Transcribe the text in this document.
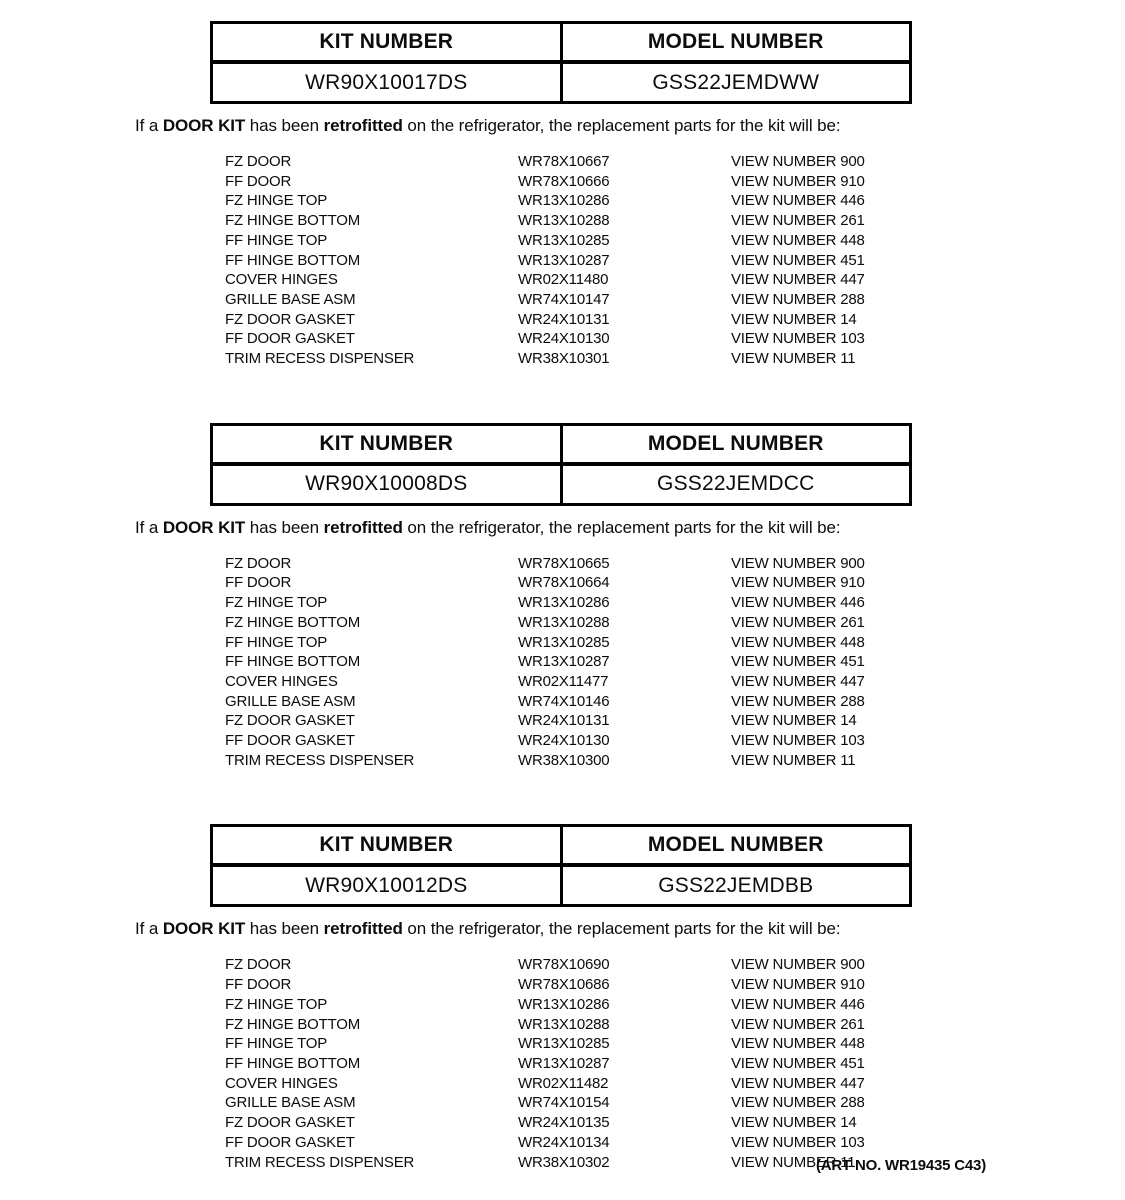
KIT NUMBER	MODEL NUMBER
WR90X10017DS	GSS22JEMDWW

If a DOOR KIT has been retrofitted on the refrigerator, the replacement parts for the kit will be:

FZ DOOR	WR78X10667	VIEW NUMBER 900
FF DOOR	WR78X10666	VIEW NUMBER 910
FZ HINGE TOP	WR13X10286	VIEW NUMBER 446
FZ HINGE BOTTOM	WR13X10288	VIEW NUMBER 261
FF HINGE TOP	WR13X10285	VIEW NUMBER 448
FF HINGE BOTTOM	WR13X10287	VIEW NUMBER 451
COVER HINGES	WR02X11480	VIEW NUMBER 447
GRILLE BASE ASM	WR74X10147	VIEW NUMBER 288
FZ DOOR GASKET	WR24X10131	VIEW NUMBER 14
FF DOOR GASKET	WR24X10130	VIEW NUMBER 103
TRIM RECESS DISPENSER	WR38X10301	VIEW NUMBER 11
KIT NUMBER	MODEL NUMBER
WR90X10008DS	GSS22JEMDCC

If a DOOR KIT has been retrofitted on the refrigerator, the replacement parts for the kit will be:

FZ DOOR	WR78X10665	VIEW NUMBER 900
FF DOOR	WR78X10664	VIEW NUMBER 910
FZ HINGE TOP	WR13X10286	VIEW NUMBER 446
FZ HINGE BOTTOM	WR13X10288	VIEW NUMBER 261
FF HINGE TOP	WR13X10285	VIEW NUMBER 448
FF HINGE BOTTOM	WR13X10287	VIEW NUMBER 451
COVER HINGES	WR02X11477	VIEW NUMBER 447
GRILLE BASE ASM	WR74X10146	VIEW NUMBER 288
FZ DOOR GASKET	WR24X10131	VIEW NUMBER 14
FF DOOR GASKET	WR24X10130	VIEW NUMBER 103
TRIM RECESS DISPENSER	WR38X10300	VIEW NUMBER 11
KIT NUMBER	MODEL NUMBER
WR90X10012DS	GSS22JEMDBB

If a DOOR KIT has been retrofitted on the refrigerator, the replacement parts for the kit will be:

FZ DOOR	WR78X10690	VIEW NUMBER 900
FF DOOR	WR78X10686	VIEW NUMBER 910
FZ HINGE TOP	WR13X10286	VIEW NUMBER 446
FZ HINGE BOTTOM	WR13X10288	VIEW NUMBER 261
FF HINGE TOP	WR13X10285	VIEW NUMBER 448
FF HINGE BOTTOM	WR13X10287	VIEW NUMBER 451
COVER HINGES	WR02X11482	VIEW NUMBER 447
GRILLE BASE ASM	WR74X10154	VIEW NUMBER 288
FZ DOOR GASKET	WR24X10135	VIEW NUMBER 14
FF DOOR GASKET	WR24X10134	VIEW NUMBER 103
TRIM RECESS DISPENSER	WR38X10302	VIEW NUMBER 11
(ART NO. WR19435 C43)
